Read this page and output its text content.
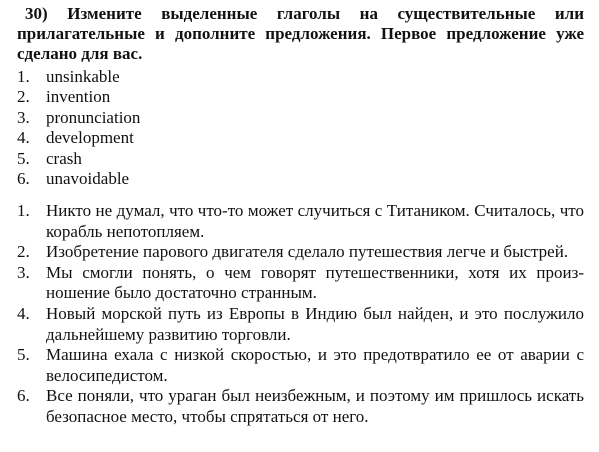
30) Измените выделенные глаголы на существительные или прилагательные и дополните предложения. Первое предложение уже сделано для вас.
1. unsinkable
2. invention
3. pronunciation
4. development
5. crash
6. unavoidable
1. Никто не думал, что что-то может случиться с Титаником. Считалось, что корабль непотопляем.
2. Изобретение парового двигателя сделало путешествия легче и быстрей.
3. Мы смогли понять, о чем говорят путешественники, хотя их произношение было достаточно странным.
4. Новый морской путь из Европы в Индию был найден, и это послужило дальнейшему развитию торговли.
5. Машина ехала с низкой скоростью, и это предотвратило ее от аварии с велосипедистом.
6. Все поняли, что ураган был неизбежным, и поэтому им пришлось искать безопасное место, чтобы спрятаться от него.
